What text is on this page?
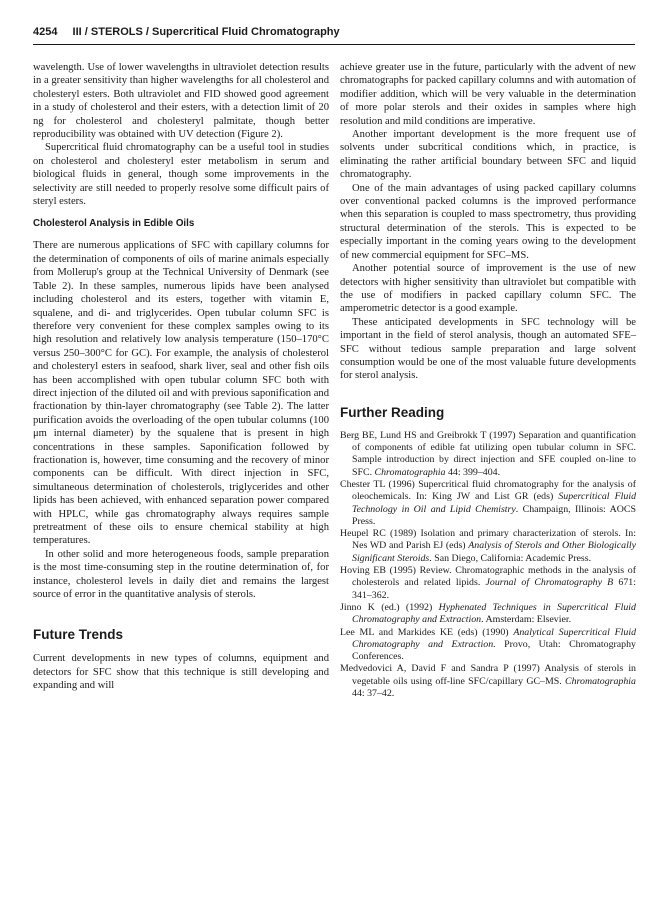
4254 III / STEROLS / Supercritical Fluid Chromatography

wavelength. Use of lower wavelengths in ultraviolet detection results in a greater sensitivity than higher wavelengths for all cholesterol and cholesteryl esters. Both ultraviolet and FID showed good agreement in a study of cholesterol and their esters, with a detection limit of 20 ng for cholesterol and cholesteryl palmitate, though better reproducibility was obtained with UV detection (Figure 2).

Supercritical fluid chromatography can be a useful tool in studies on cholesterol and cholesteryl ester metabolism in serum and biological fluids in general, though some improvements in the selectivity are still needed to properly resolve some difficult pairs of steryl esters.

Cholesterol Analysis in Edible Oils

There are numerous applications of SFC with capillary columns for the determination of components of oils of marine animals especially from Mollerup's group at the Technical University of Denmark (see Table 2). In these samples, numerous lipids have been analysed including cholesterol and its esters, together with vitamin E, squalene, and di- and triglycerides. Open tubular column SFC is therefore very convenient for these complex samples owing to its high resolution and relatively low analysis temperature (150–170°C versus 250–300°C for GC). For example, the analysis of cholesterol and cholesteryl esters in seafood, shark liver, seal and other fish oils has been accomplished with open tubular column SFC both with direct injection of the diluted oil and with previous saponification and fractionation by thin-layer chromatography (see Table 2). The latter purification avoids the overloading of the open tubular columns (100 μm internal diameter) by the squalene that is present in high concentrations in these samples. Saponification followed by fractionation is, however, time consuming and the recovery of minor components can be difficult. With direct injection in SFC, simultaneous determination of cholesterols, triglycerides and other lipids has been achieved, with enhanced separation power compared with HPLC, while gas chromatography always requires sample pretreatment of these oils to ensure chemical stability at high temperatures.

In other solid and more heterogeneous foods, sample preparation is the most time-consuming step in the routine determination of, for instance, cholesterol levels in daily diet and remains the largest source of error in the quantitative analysis of sterols.

Future Trends

Current developments in new types of columns, equipment and detectors for SFC show that this technique is still developing and expanding and will

achieve greater use in the future, particularly with the advent of new chromatographs for packed capillary columns and with automation of modifier addition, which will be very valuable in the determination of more polar sterols and their oxides in samples where high resolution and mild conditions are imperative.

Another important development is the more frequent use of solvents under subcritical conditions which, in practice, is eliminating the rather artificial boundary between SFC and liquid chromatography.

One of the main advantages of using packed capillary columns over conventional packed columns is the improved performance when this separation is coupled to mass spectrometry, thus providing structural determination of the sterols. This is expected to be especially important in the coming years owing to the development of new commercial equipment for SFC–MS.

Another potential source of improvement is the use of new detectors with higher sensitivity than ultraviolet but compatible with the use of modifiers in packed capillary column SFC. The amperometric detector is a good example.

These anticipated developments in SFC technology will be important in the field of sterol analysis, though an automated SFE–SFC without tedious sample preparation and large solvent consumption would be one of the most valuable future developments for sterol analysis.

Further Reading

Berg BE, Lund HS and Greibrokk T (1997) Separation and quantification of components of edible fat utilizing open tubular column in SFC. Sample introduction by direct injection and SFE coupled on-line to SFC. Chromatographia 44: 399–404.

Chester TL (1996) Supercritical fluid chromatography for the analysis of oleochemicals. In: King JW and List GR (eds) Supercritical Fluid Technology in Oil and Lipid Chemistry. Champaign, Illinois: AOCS Press.

Heupel RC (1989) Isolation and primary characterization of sterols. In: Nes WD and Parish EJ (eds) Analysis of Sterols and Other Biologically Significant Steroids. San Diego, California: Academic Press.

Hoving EB (1995) Review. Chromatographic methods in the analysis of cholesterols and related lipids. Journal of Chromatography B 671: 341–362.

Jinno K (ed.) (1992) Hyphenated Techniques in Supercritical Fluid Chromatography and Extraction. Amsterdam: Elsevier.

Lee ML and Markides KE (eds) (1990) Analytical Supercritical Fluid Chromatography and Extraction. Provo, Utah: Chromatography Conferences.

Medvedovici A, David F and Sandra P (1997) Analysis of sterols in vegetable oils using off-line SFC/capillary GC–MS. Chromatographia 44: 37–42.
